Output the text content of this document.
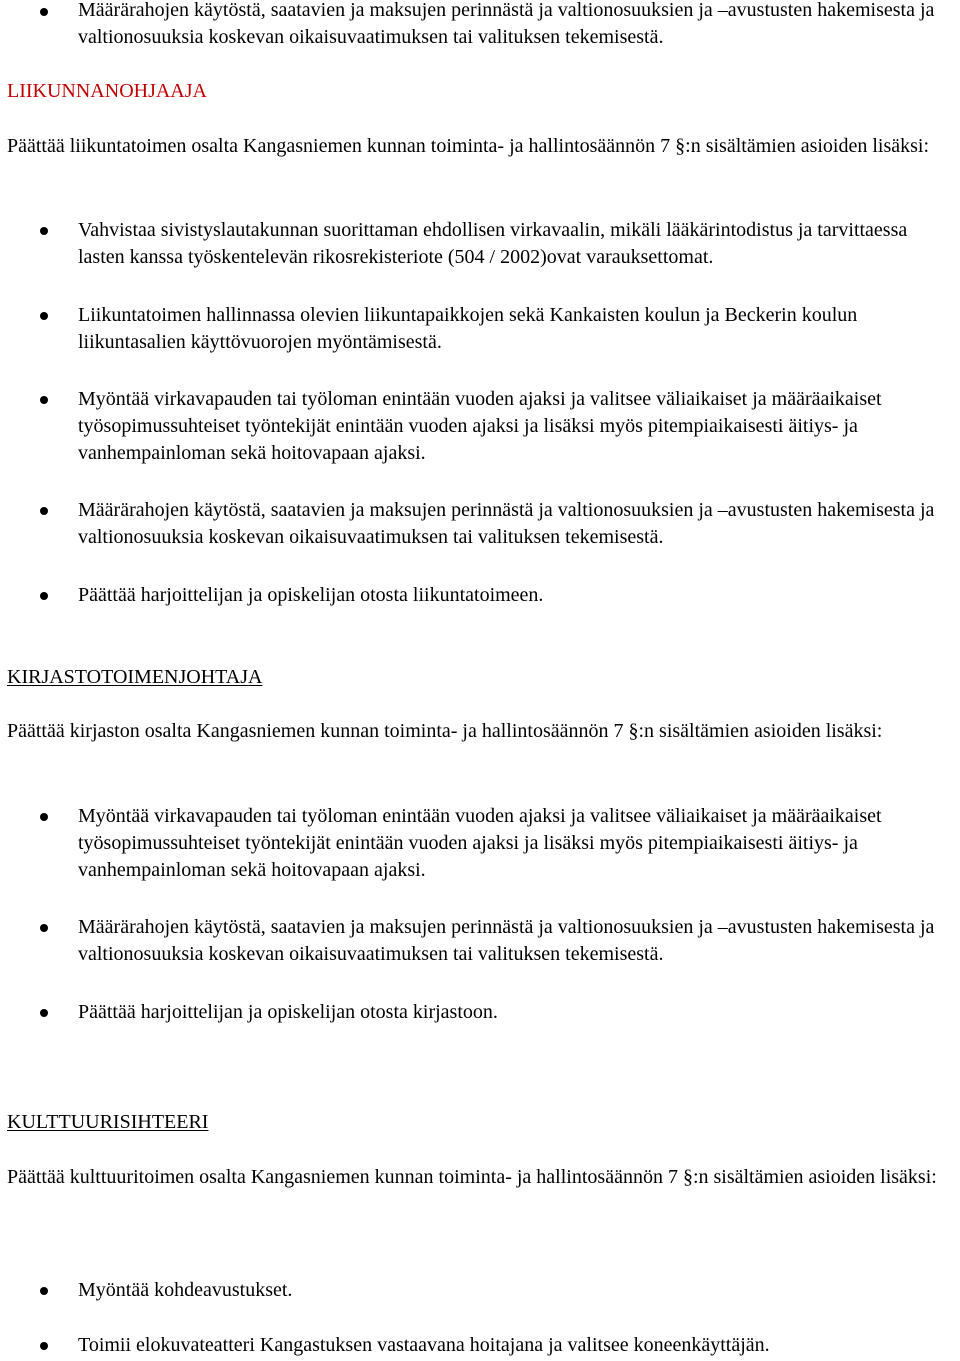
Määrärahojen käytöstä, saatavien ja maksujen perinnästä ja valtionosuuksien ja –avustusten hakemisesta ja valtionosuuksia koskevan oikaisuvaatimuksen tai valituksen tekemisestä.
LIIKUNNANOHJAAJA
Päättää liikuntatoimen osalta Kangasniemen kunnan toiminta- ja hallintosäännön 7 §:n sisältämien asioiden lisäksi:
Vahvistaa sivistyslautakunnan suorittaman ehdollisen virkavaalin, mikäli lääkärintodistus ja tarvittaessa lasten kanssa työskentelevän rikosrekisteriote (504 / 2002)ovat varauksettomat.
Liikuntatoimen hallinnassa olevien liikuntapaikkojen sekä Kankaisten koulun ja Beckerin koulun liikuntasalien käyttövuorojen myöntämisestä.
Myöntää virkavapauden tai työloman enintään vuoden ajaksi ja valitsee väliaikaiset ja määräaikaiset työsopimussuhteiset työntekijät enintään vuoden ajaksi ja lisäksi myös pitempiaikaisesti äitiys- ja vanhempainloman sekä hoitovapaan ajaksi.
Määrärahojen käytöstä, saatavien ja maksujen perinnästä ja valtionosuuksien ja –avustusten hakemisesta ja valtionosuuksia koskevan oikaisuvaatimuksen tai valituksen tekemisestä.
Päättää harjoittelijan ja opiskelijan otosta liikuntatoimeen.
KIRJASTOTOIMENJOHTAJA
Päättää kirjaston osalta Kangasniemen kunnan toiminta- ja hallintosäännön 7 §:n sisältämien asioiden lisäksi:
Myöntää virkavapauden tai työloman enintään vuoden ajaksi ja valitsee väliaikaiset ja määräaikaiset työsopimussuhteiset työntekijät enintään vuoden ajaksi ja lisäksi myös pitempiaikaisesti äitiys- ja vanhempainloman sekä hoitovapaan ajaksi.
Määrärahojen käytöstä, saatavien ja maksujen perinnästä ja valtionosuuksien ja –avustusten hakemisesta ja valtionosuuksia koskevan oikaisuvaatimuksen tai valituksen tekemisestä.
Päättää harjoittelijan ja opiskelijan otosta kirjastoon.
KULTTUURISIHTEERI
Päättää kulttuuritoimen osalta Kangasniemen kunnan toiminta- ja hallintosäännön 7 §:n sisältämien asioiden lisäksi:
Myöntää kohdeavustukset.
Toimii elokuvateatteri Kangastuksen vastaavana hoitajana ja valitsee koneenkäyttäjän.
